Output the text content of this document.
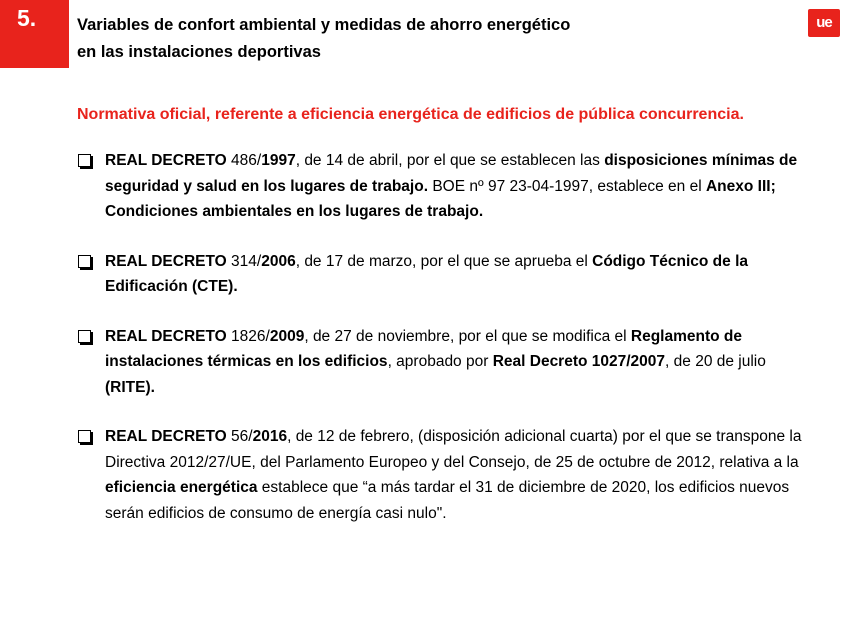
5. Variables de confort ambiental y medidas de ahorro energético
en las instalaciones deportivas
ue
Normativa oficial, referente a eficiencia energética de edificios de pública concurrencia.
REAL DECRETO 486/1997, de 14 de abril, por el que se establecen las disposiciones mínimas de seguridad y salud en los lugares de trabajo. BOE nº 97 23-04-1997, establece en el Anexo III; Condiciones ambientales en los lugares de trabajo.
REAL DECRETO 314/2006, de 17 de marzo, por el que se aprueba el Código Técnico de la Edificación (CTE).
REAL DECRETO 1826/2009, de 27 de noviembre, por el que se modifica el Reglamento de instalaciones térmicas en los edificios, aprobado por Real Decreto 1027/2007, de 20 de julio (RITE).
REAL DECRETO 56/2016, de 12 de febrero, (disposición adicional cuarta) por el que se transpone la Directiva 2012/27/UE, del Parlamento Europeo y del Consejo, de 25 de octubre de 2012, relativa a la eficiencia energética establece que “a más tardar el 31 de diciembre de 2020, los edificios nuevos serán edificios de consumo de energía casi nulo".
